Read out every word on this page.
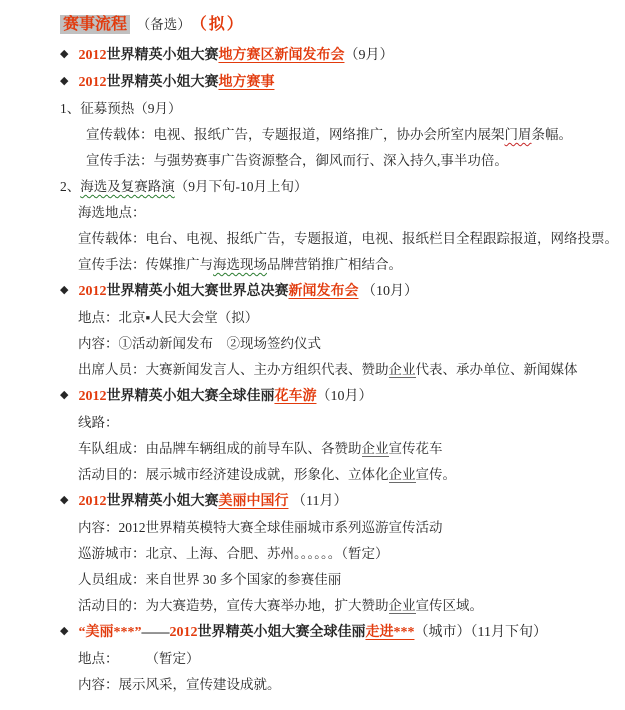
赛事流程　（备选） （拟）
◆ 2012世界精英小姐大赛地方赛区新闻发布会（9月）
◆ 2012世界精英小姐大赛地方赛事
1、征募预热（9月）
宣传载体：电视、报纸广告，专题报道，网络推广，协办会所室内展架门眉条幅。
宣传手法：与强势赛事广告资源整合，御风而行、深入持久,事半功倍。
2、海选及复赛路演（9月下旬-10月上旬）
海选地点：
宣传载体：电台、电视、报纸广告，专题报道，电视、报纸栏目全程跟踪报道，网络投票。
宣传手法：传媒推广与海选现场品牌营销推广相结合。
◆ 2012世界精英小姐大赛世界总决赛新闻发布会 （10月）
地点：北京▪人民大会堂（拟）
内容：①活动新闻发布　②现场签约仪式
出席人员：大赛新闻发言人、主办方组织代表、赞助企业代表、承办单位、新闻媒体
◆ 2012世界精英小姐大赛全球佳丽花车游（10月）
线路：
车队组成：由品牌车辆组成的前导车队、各赞助企业宣传花车
活动目的：展示城市经济建设成就，形象化、立体化企业宣传。
◆ 2012世界精英小姐大赛美丽中国行 （11月）
内容：2012世界精英模特大赛全球佳丽城市系列巡游宣传活动
巡游城市：北京、上海、合肥、苏州。。。。。。（暂定）
人员组成：来自世界 30 多个国家的参赛佳丽
活动目的：为大赛造势，宣传大赛举办地，扩大赞助企业宣传区域。
◆ “美丽***”——2012世界精英小姐大赛全球佳丽走进***（城市）（11月下旬）
地点：　　　（暂定）
内容：展示风采，宣传建设成就。
